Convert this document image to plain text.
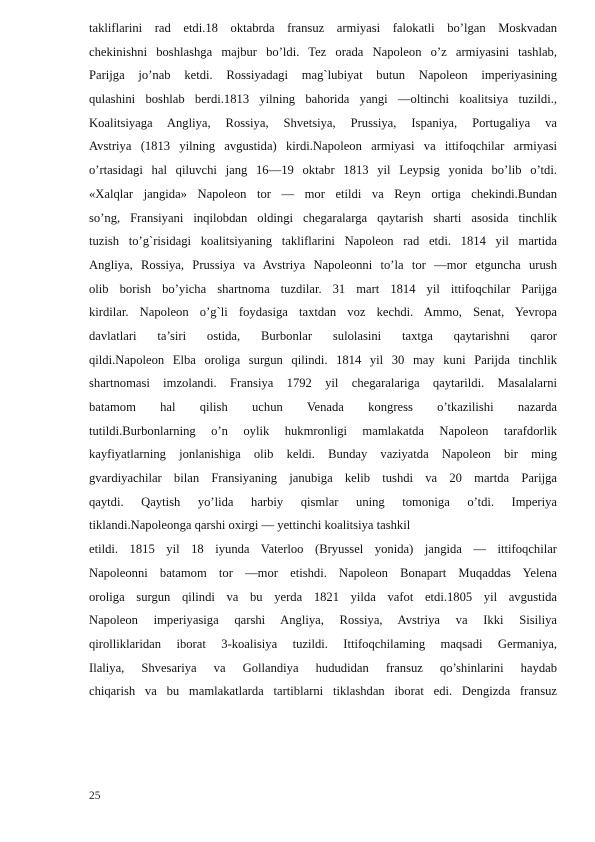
takliflarini rad etdi.18 oktabrda fransuz armiyasi falokatli bo’lgan Moskvadan
chekinishni boshlashga majbur bo’ldi. Tez orada Napoleon o’z armiyasini tashlab,
Parijga jo’nab ketdi. Rossiyadagi mag`lubiyat butun Napoleon imperiyasining
qulashini boshlab berdi.1813 yilning bahorida yangi —oltinchi koalitsiya tuzildi.,
Koalitsiyaga Angliya, Rossiya, Shvetsiya, Prussiya, Ispaniya, Portugaliya va
Avstriya (1813 yilning avgustida) kirdi.Napoleon armiyasi va ittifoqchilar armiyasi
o’rtasidagi hal qiluvchi jang 16—19 oktabr 1813 yil Leypsig yonida bo’lib o’tdi.
«Xalqlar jangida» Napoleon tor — mor etildi va Reyn ortiga chekindi.Bundan
so’ng, Fransiyani inqilobdan oldingi chegaralarga qaytarish sharti asosida tinchlik
tuzish to’g`risidagi koalitsiyaning takliflarini Napoleon rad etdi. 1814 yil martida
Angliya, Rossiya, Prussiya va Avstriya Napoleonni to’la tor —mor etguncha urush
olib borish bo’yicha shartnoma tuzdilar. 31 mart 1814 yil ittifoqchilar Parijga
kirdilar. Napoleon o’g`li foydasiga taxtdan voz kechdi. Ammo, Senat, Yevropa
davlatlari ta’siri ostida, Burbonlar sulolasini taxtga qaytarishni qaror
qildi.Napoleon Elba oroliga surgun qilindi. 1814 yil 30 may kuni Parijda tinchlik
shartnomasi imzolandi. Fransiya 1792 yil chegaralariga qaytarildi. Masalalarni
batamom hal qilish uchun Venada kongress o’tkazilishi nazarda
tutildi.Burbonlarning o’n oylik hukmronligi mamlakatda Napoleon tarafdorlik
kayfiyatlarning jonlanishiga olib keldi. Bunday vaziyatda Napoleon bir ming
gvardiyachilar bilan Fransiyaning janubiga kelib tushdi va 20 martda Parijga
qaytdi. Qaytish yo’lida harbiy qismlar uning tomoniga o’tdi. Imperiya
tiklandi.Napoleonga qarshi oxirgi — yettinchi koalitsiya tashkil
etildi. 1815 yil 18 iyunda Vaterloo (Bryussel yonida) jangida — ittifoqchilar
Napoleonni batamom tor —mor etishdi. Napoleon Bonapart Muqaddas Yelena
oroliga surgun qilindi va bu yerda 1821 yilda vafot etdi.1805 yil avgustida
Napoleon imperiyasiga qarshi Angliya, Rossiya, Avstriya va Ikki Sisiliya
qirolliklaridan iborat 3-koalisiya tuzildi. Ittifoqchilaming maqsadi Germaniya,
Ilaliya, Shvesariya va Gollandiya hududidan fransuz qo’shinlarini haydab
chiqarish va bu mamlakatlarda tartiblarni tiklashdan iborat edi. Dengizda fransuz
25
